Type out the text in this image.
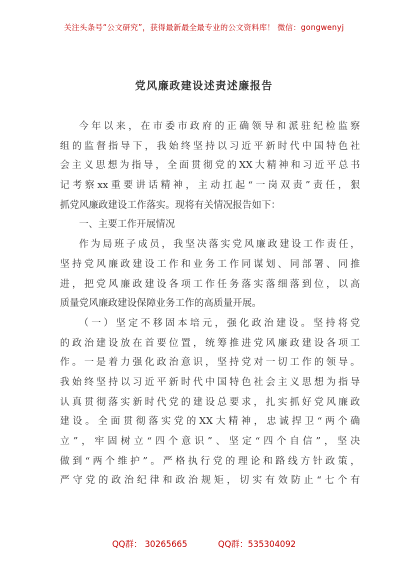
关注头条号“公文研究”，获得最新最全最专业的公文资料库！ 微信：gongwenyj
党风廉政建设述责述廉报告
今年以来，在市委市政府的正确领导和派驻纪检监察
组的监督指导下，我始终坚持以习近平新时代中国特色社
会主义思想为指导，全面贯彻党的XX大精神和习近平总书
记考察xx重要讲话精神，主动扛起“一岗双责”责任，狠
抓党风廉政建设工作落实。现将有关情况报告如下：
一、主要工作开展情况
作为局班子成员，我坚决落实党风廉政建设工作责任，
坚持党风廉政建设工作和业务工作同谋划、同部署、同推
进，把党风廉政建设各项工作任务落实落细落到位，以高
质量党风廉政建设保障业务工作的高质量开展。
（一）坚定不移固本培元，强化政治建设。坚持将党
的政治建设放在首要位置，统筹推进党风廉政建设各项工
作。一是着力强化政治意识，坚持党对一切工作的领导。
我始终坚持以习近平新时代中国特色社会主义思想为指导
认真贯彻落实新时代党的建设总要求，扎实抓好党风廉政
建设。全面贯彻落实党的XX大精神，忠诚捍卫“两个确
立”，牢固树立“四个意识”、坚定“四个自信”，坚决
做到“两个维护”。严格执行党的理论和路线方针政策，
严守党的政治纪律和政治规矩，切实有效防止“七个有
QQ群： 30265665	QQ群：535304092
